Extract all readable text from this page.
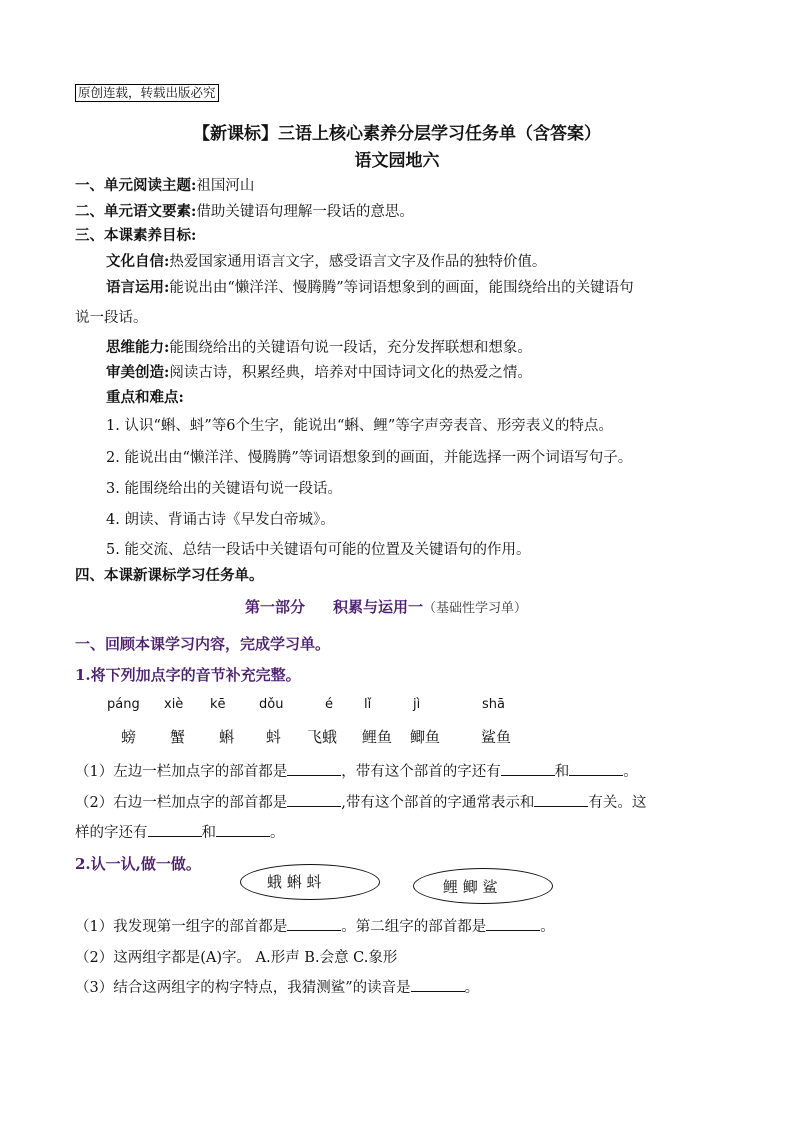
原创连载，转载出版必究
【新课标】三语上核心素养分层学习任务单（含答案）
语文园地六
一、单元阅读主题:祖国河山
二、单元语文要素:借助关键语句理解一段话的意思。
三、本课素养目标:
文化自信:热爱国家通用语言文字，感受语言文字及作品的独特价值。
语言运用:能说出由“懒洋洋、慢腾腾”等词语想象到的画面，能围绕给出的关键语句
说一段话。
思维能力:能围绕给出的关键语句说一段话，充分发挥联想和想象。
审美创造:阅读古诗，积累经典，培养对中国诗词文化的热爱之情。
重点和难点:
1. 认识“蝌、蚪”等6个生字，能说出“蝌、鲤”等字声旁表音、形旁表义的特点。
2. 能说出由“懒洋洋、慢腾腾”等词语想象到的画面，并能选择一两个词语写句子。
3. 能围绕给出的关键语句说一段话。
4. 朗读、背诵古诗《早发白帝城》。
5. 能交流、总结一段话中关键语句可能的位置及关键语句的作用。
四、本课新课标学习任务单。
第一部分 积累与运用一（基础性学习单）
一、回顾本课学习内容，完成学习单。
1.将下列加点字的音节补充完整。
páng xiè kē	dǒu	é lǐ	jì	shā
螃 蟹 蝌 蚪 飞蛾 鲤鱼 鲫鱼	鲨鱼
（1）左边一栏加点字的部首都是	，带有这个部首的字还有	和	。
（2）右边一栏加点字的部首都是	,带有这个部首的字通常表示和	有关。这
样的字还有	和	。
2.认一认,做一做。
蛾 蝌 蚪	鲤 鲫 鲨
（1）我发现第一组字的部首都是	。第二组字的部首都是	。
（2）这两组字都是(A)字。 A.形声 B.会意 C.象形
（3）结合这两组字的构字特点，我猜测鲨”的读音是	。
